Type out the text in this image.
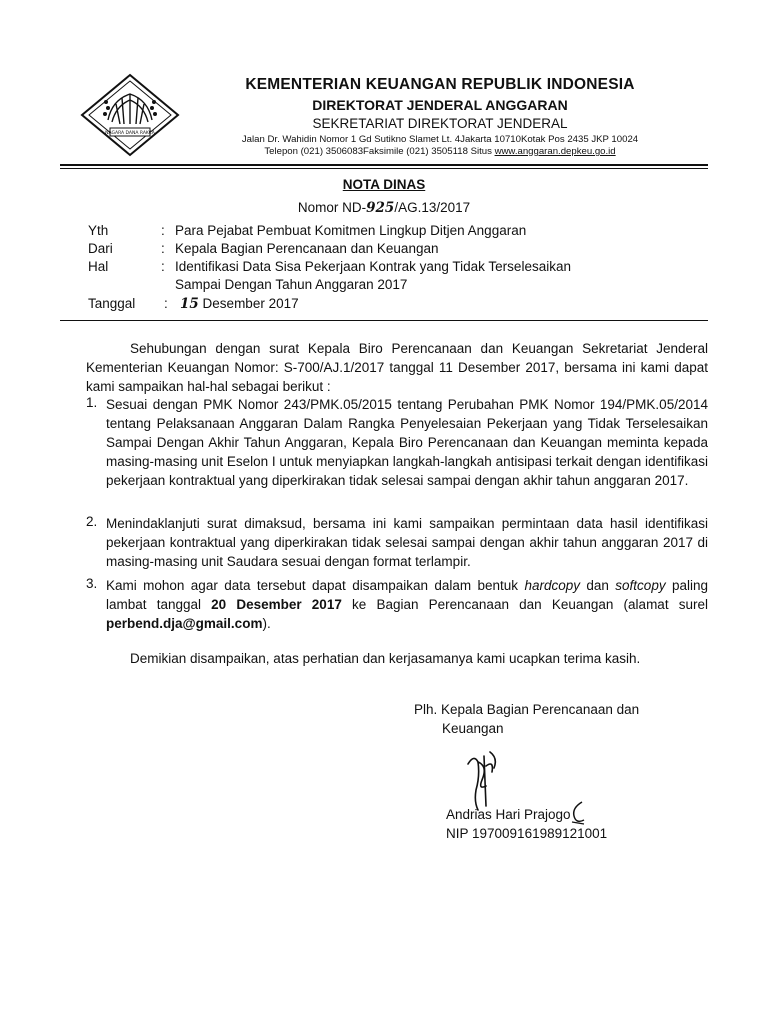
NAGARA DANA RAKCA
KEMENTERIAN KEUANGAN REPUBLIK INDONESIA
DIREKTORAT JENDERAL ANGGARAN
SEKRETARIAT DIREKTORAT JENDERAL
Jalan Dr. Wahidin Nomor 1 Gd Sutikno Slamet Lt. 4Jakarta 10710Kotak Pos 2435 JKP 10024
Telepon (021) 3506083Faksimile (021) 3505118 Situs www.anggaran.depkeu.go.id
NOTA DINAS
Nomor ND-925/AG.13/2017
Yth	: Para Pejabat Pembuat Komitmen Lingkup Ditjen Anggaran
Dari	: Kepala Bagian Perencanaan dan Keuangan
Hal	: Identifikasi Data Sisa Pekerjaan Kontrak yang Tidak Terselesaikan
Sampai Dengan Tahun Anggaran 2017
Tanggal : 15 Desember 2017
Sehubungan dengan surat Kepala Biro Perencanaan dan Keuangan Sekretariat Jenderal Kementerian Keuangan Nomor: S-700/AJ.1/2017 tanggal 11 Desember 2017, bersama ini kami dapat kami sampaikan hal-hal sebagai berikut :
1. Sesuai dengan PMK Nomor 243/PMK.05/2015 tentang Perubahan PMK Nomor 194/PMK.05/2014 tentang Pelaksanaan Anggaran Dalam Rangka Penyelesaian Pekerjaan yang Tidak Terselesaikan Sampai Dengan Akhir Tahun Anggaran, Kepala Biro Perencanaan dan Keuangan meminta kepada masing-masing unit Eselon I untuk menyiapkan langkah-langkah antisipasi terkait dengan identifikasi pekerjaan kontraktual yang diperkirakan tidak selesai sampai dengan akhir tahun anggaran 2017.
2. Menindaklanjuti surat dimaksud, bersama ini kami sampaikan permintaan data hasil identifikasi pekerjaan kontraktual yang diperkirakan tidak selesai sampai dengan akhir tahun anggaran 2017 di masing-masing unit Saudara sesuai dengan format terlampir.
3. Kami mohon agar data tersebut dapat disampaikan dalam bentuk hardcopy dan softcopy paling lambat tanggal 20 Desember 2017 ke Bagian Perencanaan dan Keuangan (alamat surel perbend.dja@gmail.com).
Demikian disampaikan, atas perhatian dan kerjasamanya kami ucapkan terima kasih.
Plh. Kepala Bagian Perencanaan dan
Keuangan
Andrias Hari Prajogo
NIP 197009161989121001
